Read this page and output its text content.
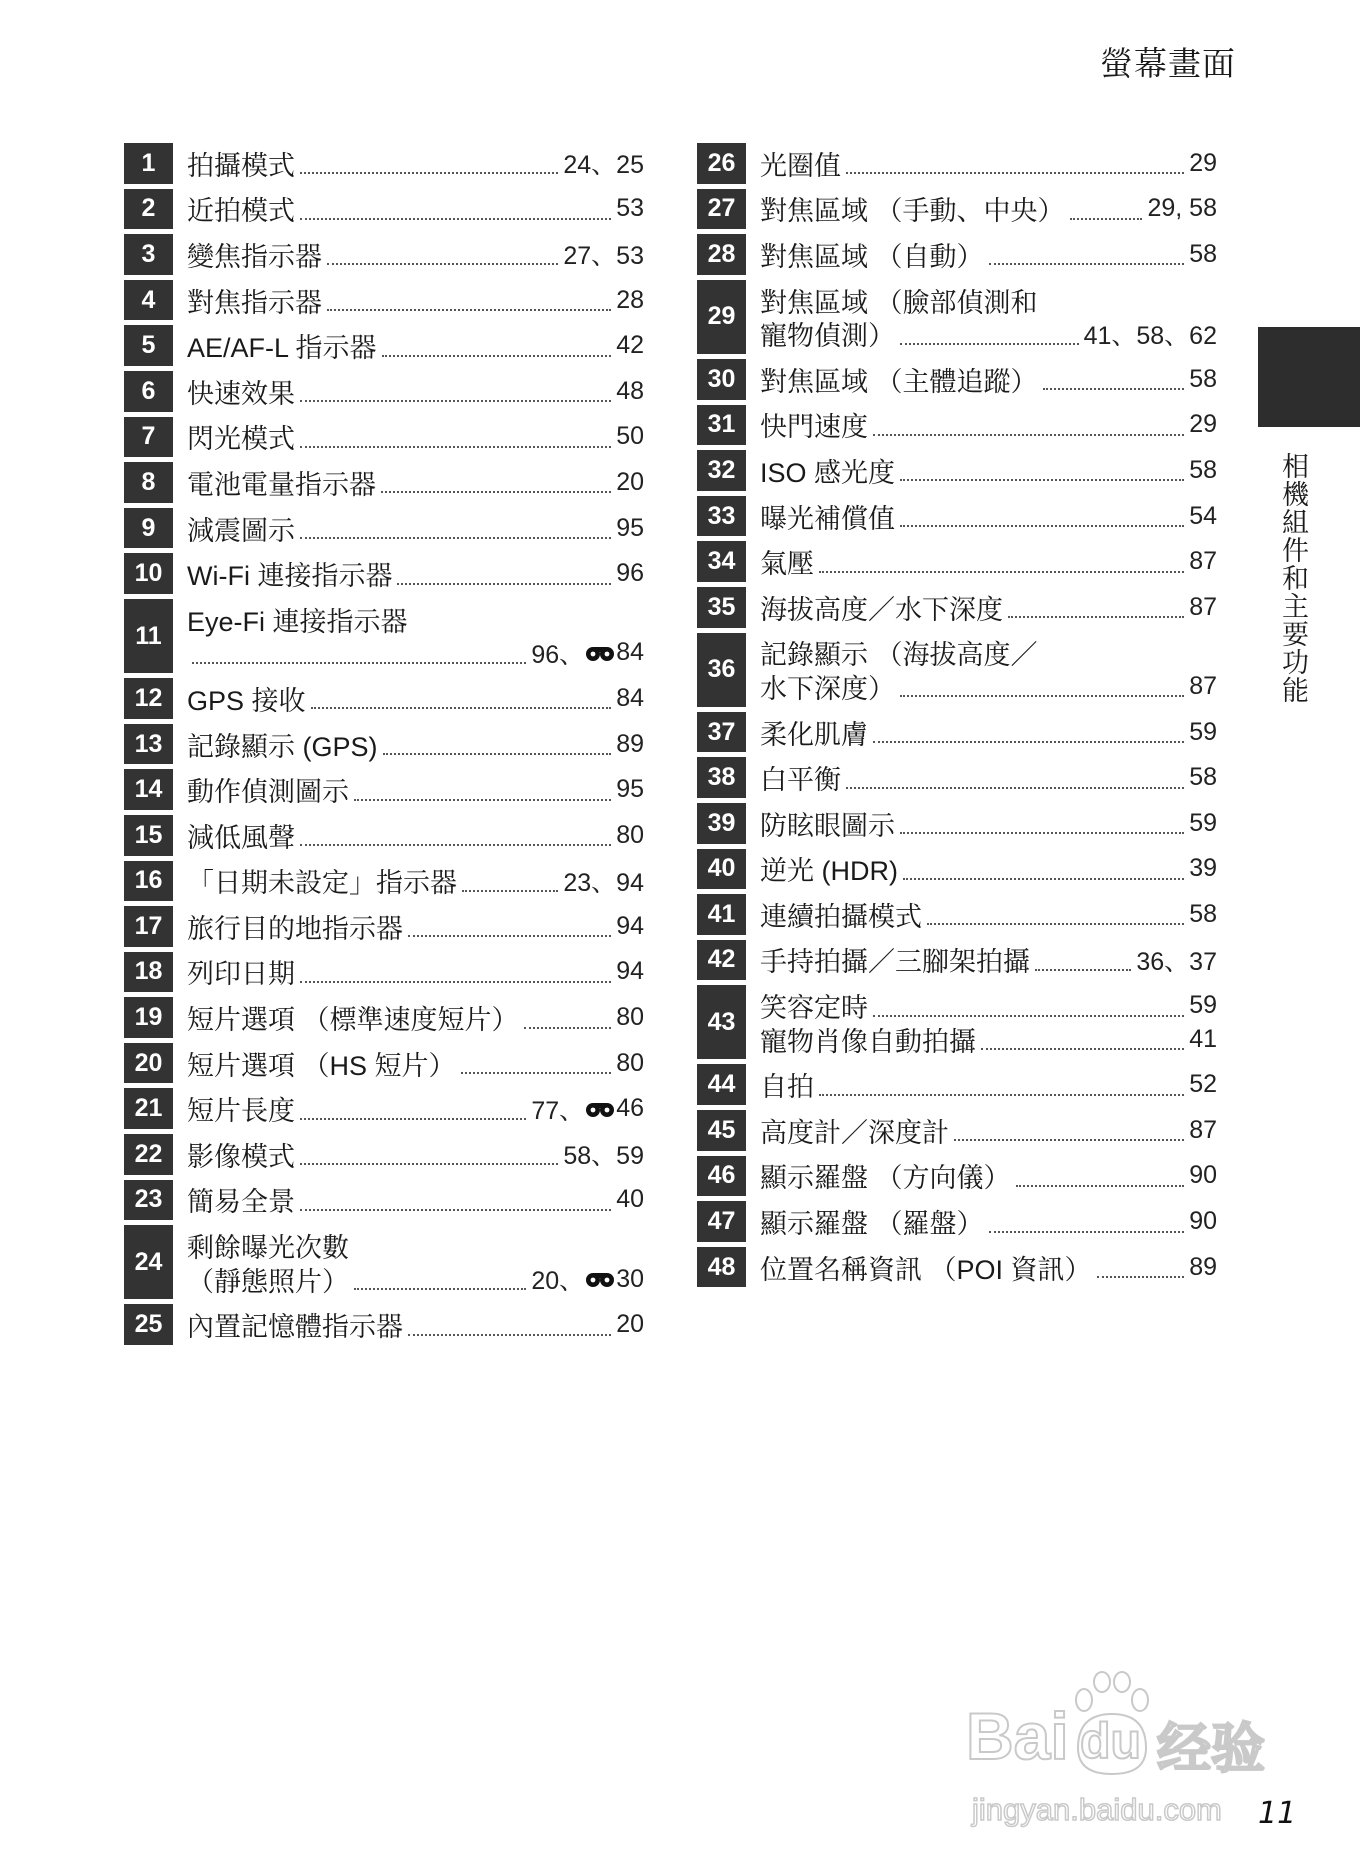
螢幕畫面
1	拍攝模式	24、25
2	近拍模式	53
3	變焦指示器	27、53
4	對焦指示器	28
5	AE/AF-L 指示器	42
6	快速效果	48
7	閃光模式	50
8	電池電量指示器	20
9	減震圖示	95
10 Wi-Fi 連接指示器	96
11 Eye-Fi 連接指示器
96、 84
12 GPS 接收	84
13 記錄顯示 (GPS)	89
14 動作偵測圖示	95
15 減低風聲	80
16 「日期未設定」指示器	23、94
17 旅行目的地指示器	94
18 列印日期	94
19 短片選項 （標準速度短片）	80
20 短片選項 （HS 短片）	80
21 短片長度	77、 46
22 影像模式	58、59
23 簡易全景	40
24 剩餘曝光次數
（靜態照片）	20、 30
25 內置記憶體指示器	20
26 光圈值	29
27 對焦區域 （手動、中央）	29, 58
28 對焦區域 （自動）	58
29 對焦區域 （臉部偵測和
寵物偵測）	41、58、62
30 對焦區域 （主體追蹤）	58
31 快門速度	29
32 ISO 感光度	58
33 曝光補償值	54
34 氣壓	87
35 海拔高度／水下深度	87
36 記錄顯示 （海拔高度／
水下深度）	87
37 柔化肌膚	59
38 白平衡	58
39 防眩眼圖示	59
40 逆光 (HDR)	39
41 連續拍攝模式	58
42 手持拍攝／三腳架拍攝	36、37
43 笑容定時	59
寵物肖像自動拍攝	41
44 自拍	52
45 高度計／深度計	87
46 顯示羅盤 （方向儀）	90
47 顯示羅盤 （羅盤）	90
48 位置名稱資訊 （POI 資訊）	89
相機組件和主要功能
Bai du 经验
jingyan.baidu.com 11
